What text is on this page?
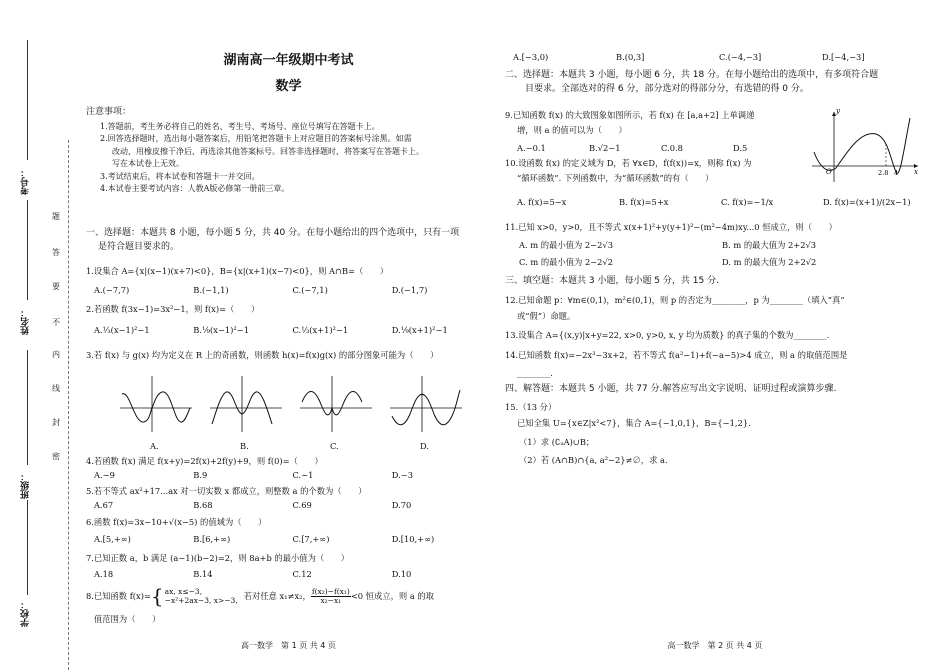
考号：
姓名：
班级：
学校：
题
答
要
不
内
线
封
密
湖南高一年级期中考试
数学
注意事项：

1.答题前，考生务必将自己的姓名、考生号、考场号、座位号填写在答题卡上。

2.回答选择题时，选出每小题答案后，用铅笔把答题卡上对应题目的答案标号涂黑。如需

改动，用橡皮擦干净后，再选涂其他答案标号。回答非选择题时，将答案写在答题卡上。

写在本试卷上无效。

3.考试结束后，将本试卷和答题卡一并交回。

4.本试卷主要考试内容：人教A版必修第一册前三章。

一、选择题：本题共 8 小题，每小题 5 分，共 40 分。在每小题给出的四个选项中，只有一项
是符合题目要求的。
1.设集合 A={x|(x−1)(x+7)<0}，B={x|(x+1)(x−7)<0}，则 A∩B=（　　）
A.(−7,7)	B.(−1,1)	C.(−7,1)	D.(−1,7)
2.若函数 f(3x−1)=3x²−1，则 f(x)=（　　）
A.⅓(x−1)²−1	B.⅑(x−1)²−1	C.⅓(x+1)²−1	D.⅑(x+1)²−1
3.若 f(x) 与 g(x) 均为定义在 R 上的奇函数，则函数 h(x)=f(x)g(x) 的部分图象可能为（　　）
A.	B.	C.	D.
4.若函数 f(x) 满足 f(x+y)=2f(x)+2f(y)+9，则 f(0)=（　　）
A.−9	B.9	C.−1	D.−3
5.若不等式 ax²+17...ax 对一切实数 x 都成立，则整数 a 的个数为（　　）
A.67	B.68	C.69	D.70
6.函数 f(x)=3x−10+√(x−5) 的值域为（　　）
A.[5,+∞)	B.[6,+∞)	C.[7,+∞)	D.[10,+∞)
7.已知正数 a，b 满足 (a−1)(b−2)=2，则 8a+b 的最小值为（　　）
A.18	B.14	C.12	D.10
8.已知函数 f(x)= { ax, x≤−3,
−x²+2ax−3, x>−3, 若对任意 x₁≠x₂， $\frac{\text{f(x₂)−f(x₁)}}{\text{x₂−x₁}} <0$ 恒成立，则 a 的取
值范围为（　　）
高一数学　第 1 页 共 4 页
A.[−3,0)	B.(0,3]	C.(−4,−3]	D.[−4,−3]
二、选择题：本题共 3 小题，每小题 6 分，共 18 分。在每小题给出的选项中，有多项符合题
目要求。全部选对的得 6 分，部分选对的得部分分，有选错的得 0 分。
9.已知函数 f(x) 的大致图象如图所示，若 f(x) 在 [a,a+2] 上单调递
增，则 a 的值可以为（　　）
A.−0.1	B.√2−1	C.0.8	D.5
y
O	2.8 4 x
10.设函数 f(x) 的定义域为 D，若 ∀x∈D，f(f(x))=x，则称 f(x) 为
“循环函数”. 下列函数中，为“循环函数”的有（　　）
A. f(x)=5−x	B. f(x)=5+x	C. f(x)=−1/x	D. f(x)=(x+1)/(2x−1)
11.已知 x>0，y>0，且不等式 x(x+1)²+y(y+1)²−(m²−4m)xy...0 恒成立，则（　　）
A. m 的最小值为 2−2√3	B. m 的最大值为 2+2√3
C. m 的最小值为 2−2√2	D. m 的最大值为 2+2√2
三、填空题：本题共 3 小题，每小题 5 分，共 15 分.
12.已知命题 p：∀m∈(0,1)，m²∈(0,1)，则 p 的否定为________，p 为________（填入“真”
或“假”）命题。
13.设集合 A={(x,y)|x+y=22, x>0, y>0, x, y 均为质数} 的真子集的个数为________.
14.已知函数 f(x)=−2x³−3x+2，若不等式 f(a²−1)+f(−a−5)>4 成立，则 a 的取值范围是
________.
四、解答题：本题共 5 小题，共 77 分.解答应写出文字说明、证明过程或演算步骤.
15.（13 分）
已知全集 U={x∈Z|x²<7}，集合 A={−1,0,1}，B={−1,2}.
（1）求 (∁ᵤA)∪B；
（2）若 (A∩B)∩{a, a²−2}≠∅，求 a.
高一数学　第 2 页 共 4 页
